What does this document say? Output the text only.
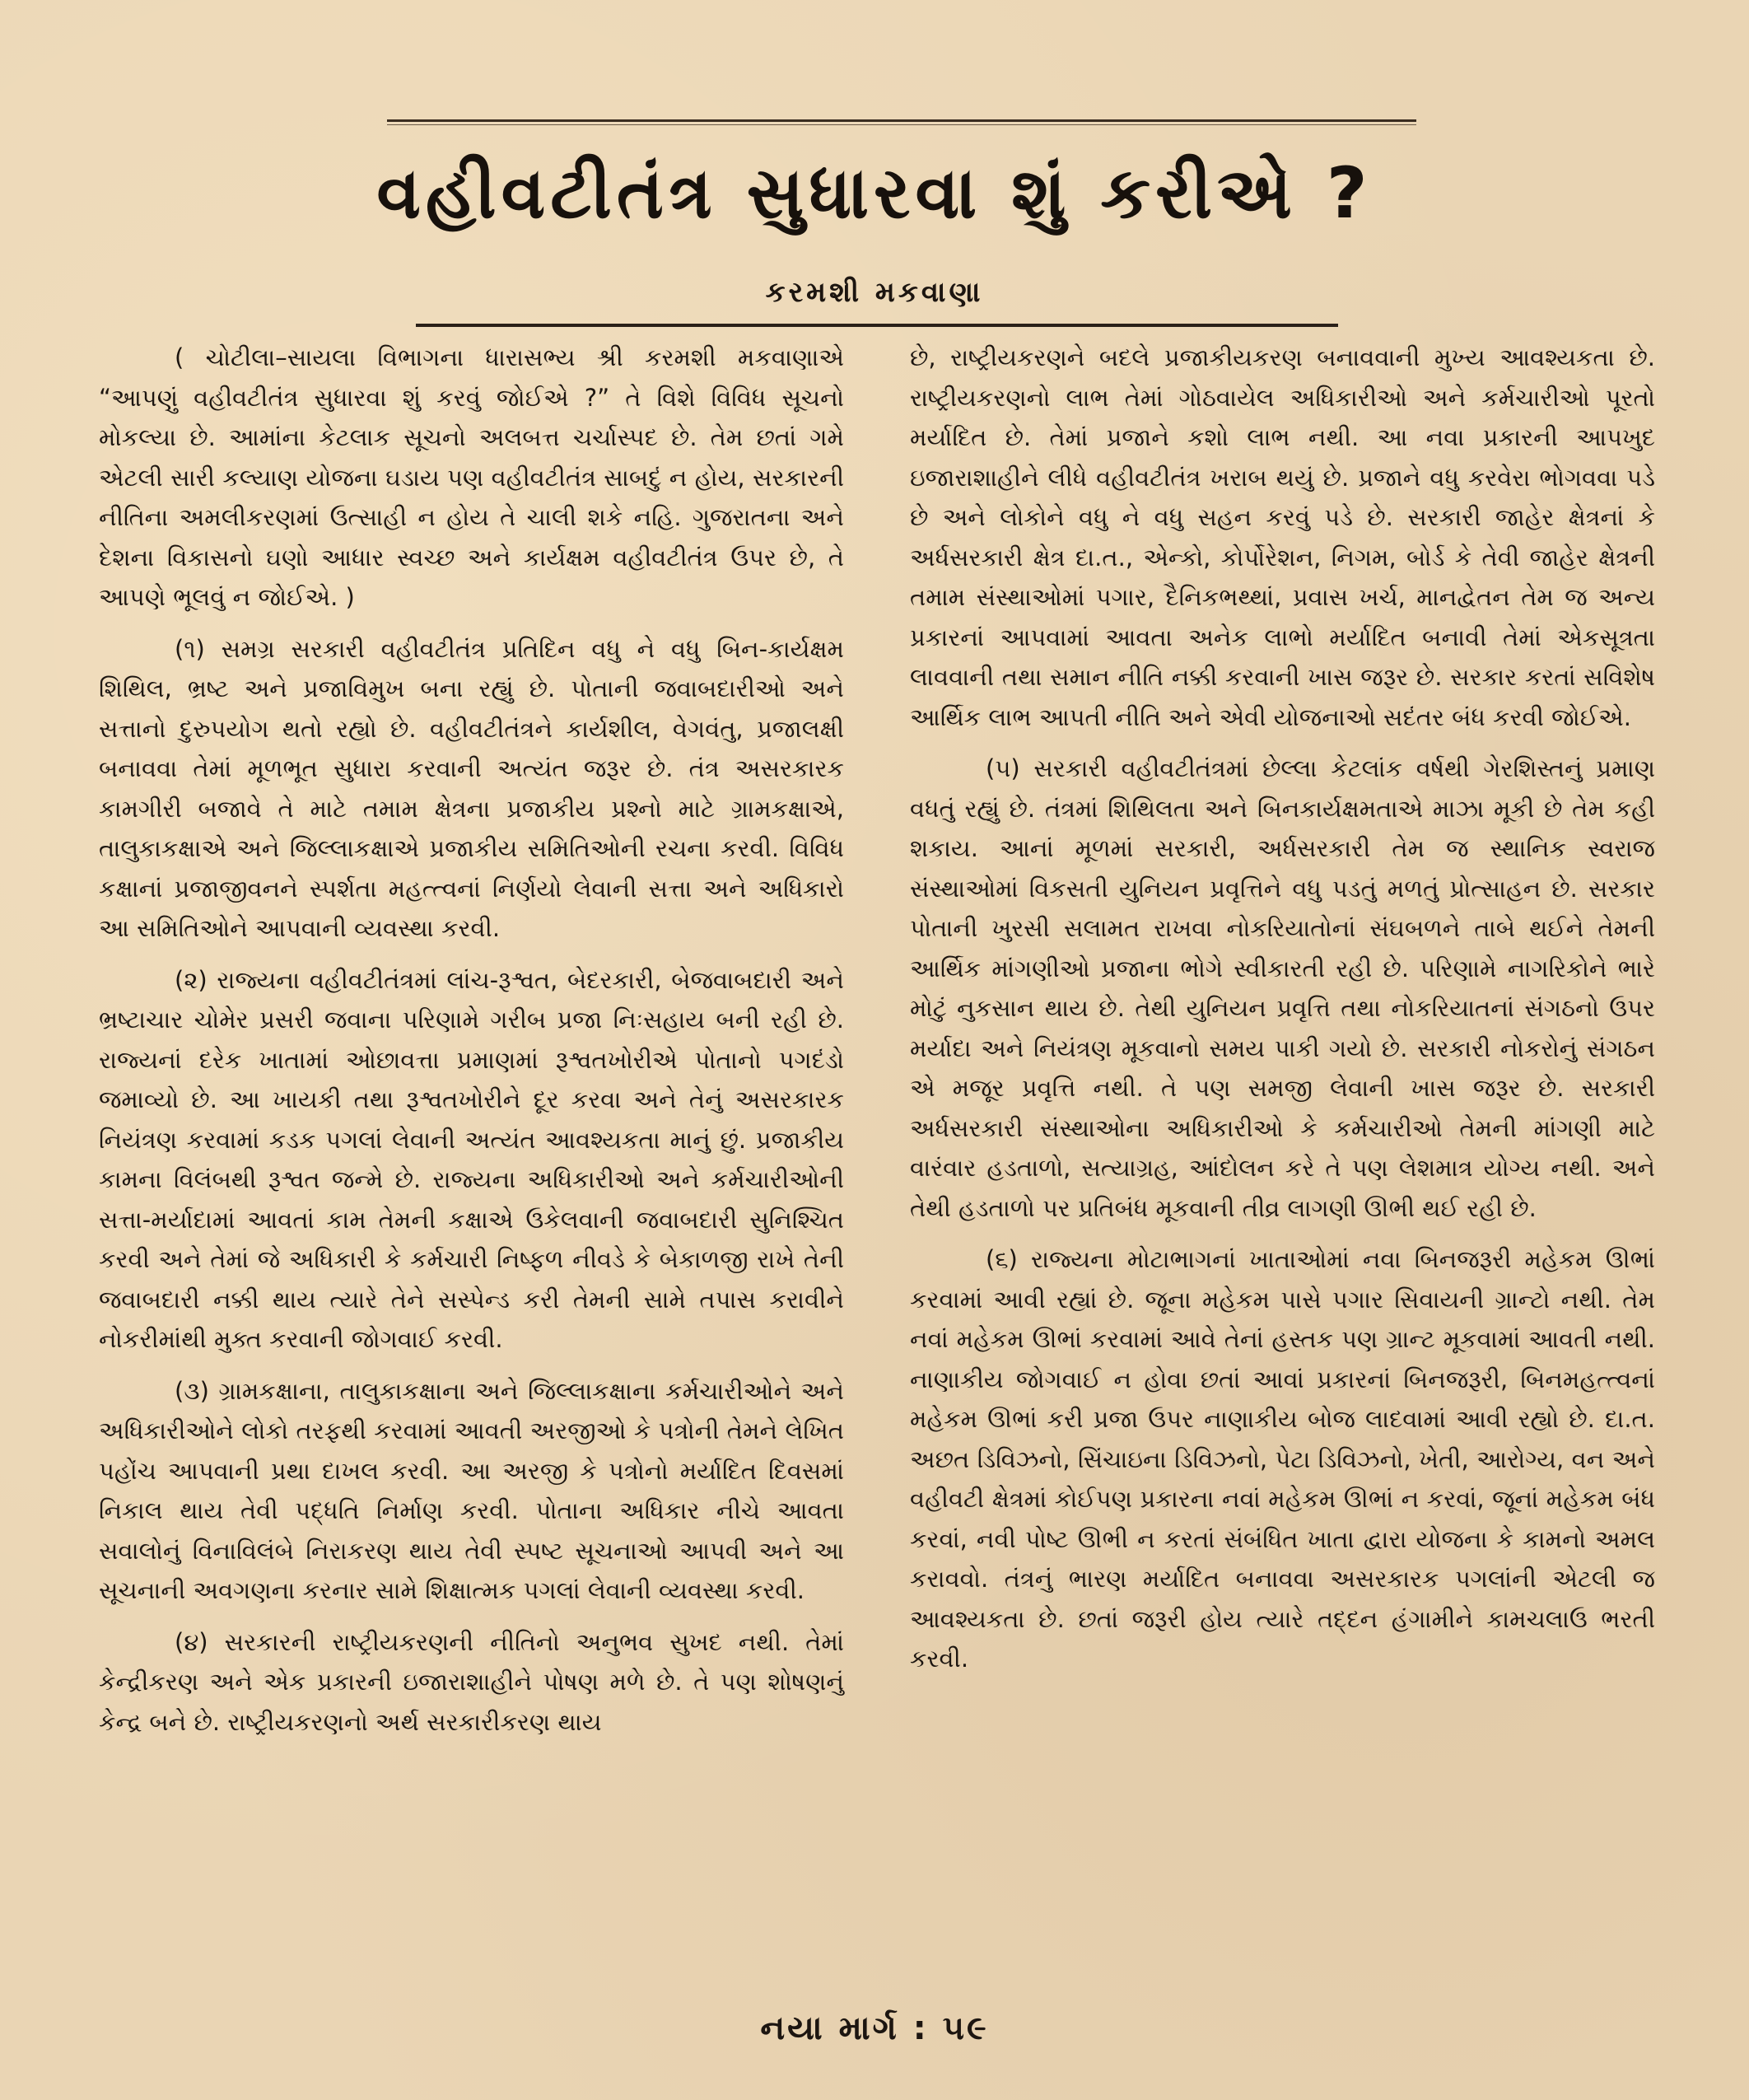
વહીવટીતંત્ર સુધારવા શું કરીએ ?
કરમશી મકવાણા

( ચોટીલા–સાયલા વિભાગના ધારાસભ્ય શ્રી કરમશી મકવાણાએ “આપણું વહીવટીતંત્ર સુધારવા શું કરવું જોઈએ ?” તે વિશે વિવિધ સૂચનો મોકલ્યા છે. આમાંના કેટલાક સૂચનો અલબત્ત ચર્ચાસ્પદ છે. તેમ છતાં ગમે એટલી સારી કલ્યાણ યોજના ઘડાય પણ વહીવટીતંત્ર સાબદું ન હોય, સરકારની નીતિના અમલીકરણમાં ઉત્સાહી ન હોય તે ચાલી શકે નહિ. ગુજરાતના અને દેશના વિકાસનો ઘણો આધાર સ્વચ્છ અને કાર્યક્ષમ વહીવટીતંત્ર ઉપર છે, તે આપણે ભૂલવું ન જોઈએ. )

(૧) સમગ્ર સરકારી વહીવટીતંત્ર પ્રતિદિન વધુ ને વધુ બિન-કાર્યક્ષમ શિથિલ, ભ્રષ્ટ અને પ્રજાવિમુખ બના રહ્યું છે. પોતાની જવાબદારીઓ અને સત્તાનો દુરુપયોગ થતો રહ્યો છે. વહીવટીતંત્રને કાર્યશીલ, વેગવંતુ, પ્રજાલક્ષી બનાવવા તેમાં મૂળભૂત સુધારા કરવાની અત્યંત જરૂર છે. તંત્ર અસરકારક કામગીરી બજાવે તે માટે તમામ ક્ષેત્રના પ્રજાકીય પ્રશ્નો માટે ગ્રામકક્ષાએ, તાલુકાકક્ષાએ અને જિલ્લાકક્ષાએ પ્રજાકીય સમિતિઓની રચના કરવી. વિવિધ કક્ષાનાં પ્રજાજીવનને સ્પર્શતા મહત્ત્વનાં નિર્ણયો લેવાની સત્તા અને અધિકારો આ સમિતિઓને આપવાની વ્યવસ્થા કરવી.

(૨) રાજ્યના વહીવટીતંત્રમાં લાંચ-રૂશ્વત, બેદરકારી, બેજવાબદારી અને ભ્રષ્ટાચાર ચોમેર પ્રસરી જવાના પરિણામે ગરીબ પ્રજા નિઃસહાય બની રહી છે. રાજ્યનાં દરેક ખાતામાં ઓછાવત્તા પ્રમાણમાં રૂશ્વતખોરીએ પોતાનો પગદંડો જમાવ્યો છે. આ ખાયકી તથા રૂશ્વતખોરીને દૂર કરવા અને તેનું અસરકારક નિયંત્રણ કરવામાં કડક પગલાં લેવાની અત્યંત આવશ્યકતા માનું છું. પ્રજાકીય કામના વિલંબથી રૂશ્વત જન્મે છે. રાજ્યના અધિકારીઓ અને કર્મચારીઓની સત્તા-મર્યાદામાં આવતાં કામ તેમની કક્ષાએ ઉકેલવાની જવાબદારી સુનિશ્ચિત કરવી અને તેમાં જે અધિકારી કે કર્મચારી નિષ્ફળ નીવડે કે બેકાળજી રાખે તેની જવાબદારી નક્કી થાય ત્યારે તેને સસ્પેન્ડ કરી તેમની સામે તપાસ કરાવીને નોકરીમાંથી મુક્ત કરવાની જોગવાઈ કરવી.

(૩) ગ્રામકક્ષાના, તાલુકાકક્ષાના અને જિલ્લાકક્ષાના કર્મચારીઓને અને અધિકારીઓને લોકો તરફથી કરવામાં આવતી અરજીઓ કે પત્રોની તેમને લેખિત પહોંચ આપવાની પ્રથા દાખલ કરવી. આ અરજી કે પત્રોનો મર્યાદિત દિવસમાં નિકાલ થાય તેવી પદ્ધતિ નિર્માણ કરવી. પોતાના અધિકાર નીચે આવતા સવાલોનું વિનાવિલંબે નિરાકરણ થાય તેવી સ્પષ્ટ સૂચનાઓ આપવી અને આ સૂચનાની અવગણના કરનાર સામે શિક્ષાત્મક પગલાં લેવાની વ્યવસ્થા કરવી.

(૪) સરકારની રાષ્ટ્રીયકરણની નીતિનો અનુભવ સુખદ નથી. તેમાં કેન્દ્રીકરણ અને એક પ્રકારની ઇજારાશાહીને પોષણ મળે છે. તે પણ શોષણનું કેન્દ્ર બને છે. રાષ્ટ્રીયકરણનો અર્થ સરકારીકરણ થાય

છે, રાષ્ટ્રીયકરણને બદલે પ્રજાકીયકરણ બનાવવાની મુખ્ય આવશ્યકતા છે. રાષ્ટ્રીયકરણનો લાભ તેમાં ગોઠવાયેલ અધિકારીઓ અને કર્મચારીઓ પૂરતો મર્યાદિત છે. તેમાં પ્રજાને કશો લાભ નથી. આ નવા પ્રકારની આપખુદ ઇજારાશાહીને લીધે વહીવટીતંત્ર ખરાબ થયું છે. પ્રજાને વધુ કરવેરા ભોગવવા પડે છે અને લોકોને વધુ ને વધુ સહન કરવું પડે છે. સરકારી જાહેર ક્ષેત્રનાં કે અર્ધસરકારી ક્ષેત્ર દા.ત., એન્કો, કોર્પોરેશન, નિગમ, બોર્ડ કે તેવી જાહેર ક્ષેત્રની તમામ સંસ્થાઓમાં પગાર, દૈનિકભથ્થાં, પ્રવાસ ખર્ચ, માનદ્વેતન તેમ જ અન્ય પ્રકારનાં આપવામાં આવતા અનેક લાભો મર્યાદિત બનાવી તેમાં એકસૂત્રતા લાવવાની તથા સમાન નીતિ નક્કી કરવાની ખાસ જરૂર છે. સરકાર કરતાં સવિશેષ આર્થિક લાભ આપતી નીતિ અને એવી યોજનાઓ સદંતર બંધ કરવી જોઈએ.

(૫) સરકારી વહીવટીતંત્રમાં છેલ્લા કેટલાંક વર્ષથી ગેરશિસ્તનું પ્રમાણ વધતું રહ્યું છે. તંત્રમાં શિથિલતા અને બિનકાર્યક્ષમતાએ માઝા મૂકી છે તેમ કહી શકાય. આનાં મૂળમાં સરકારી, અર્ધસરકારી તેમ જ સ્થાનિક સ્વરાજ સંસ્થાઓમાં વિકસતી યુનિયન પ્રવૃત્તિને વધુ પડતું મળતું પ્રોત્સાહન છે. સરકાર પોતાની ખુરસી સલામત રાખવા નોકરિયાતોનાં સંઘબળને તાબે થઈને તેમની આર્થિક માંગણીઓ પ્રજાના ભોગે સ્વીકારતી રહી છે. પરિણામે નાગરિકોને ભારે મોટું નુકસાન થાય છે. તેથી યુનિયન પ્રવૃત્તિ તથા નોકરિયાતનાં સંગઠનો ઉપર મર્યાદા અને નિયંત્રણ મૂકવાનો સમય પાકી ગયો છે. સરકારી નોકરોનું સંગઠન એ મજૂર પ્રવૃત્તિ નથી. તે પણ સમજી લેવાની ખાસ જરૂર છે. સરકારી અર્ધસરકારી સંસ્થાઓના અધિકારીઓ કે કર્મચારીઓ તેમની માંગણી માટે વારંવાર હડતાળો, સત્યાગ્રહ, આંદોલન કરે તે પણ લેશમાત્ર યોગ્ય નથી. અને તેથી હડતાળો પર પ્રતિબંધ મૂકવાની તીવ્ર લાગણી ઊભી થઈ રહી છે.

(૬) રાજ્યના મોટાભાગનાં ખાતાઓમાં નવા બિનજરૂરી મહેકમ ઊભાં કરવામાં આવી રહ્યાં છે. જૂના મહેકમ પાસે પગાર સિવાયની ગ્રાન્ટો નથી. તેમ નવાં મહેકમ ઊભાં કરવામાં આવે તેનાં હસ્તક પણ ગ્રાન્ટ મૂકવામાં આવતી નથી. નાણાકીય જોગવાઈ ન હોવા છતાં આવાં પ્રકારનાં બિનજરૂરી, બિનમહત્ત્વનાં મહેકમ ઊભાં કરી પ્રજા ઉપર નાણાકીય બોજ લાદવામાં આવી રહ્યો છે. દા.ત. અછત ડિવિઝનો, સિંચાઇના ડિવિઝનો, પેટા ડિવિઝનો, ખેતી, આરોગ્ય, વન અને વહીવટી ક્ષેત્રમાં કોઈપણ પ્રકારના નવાં મહેકમ ઊભાં ન કરવાં, જૂનાં મહેકમ બંધ કરવાં, નવી પોષ્ટ ઊભી ન કરતાં સંબંધિત ખાતા દ્વારા યોજના કે કામનો અમલ કરાવવો. તંત્રનું ભારણ મર્યાદિત બનાવવા અસરકારક પગલાંની એટલી જ આવશ્યકતા છે. છતાં જરૂરી હોય ત્યારે તદ્દન હંગામીને કામચલાઉ ભરતી કરવી.

નયા માર્ગ : ૫૯
